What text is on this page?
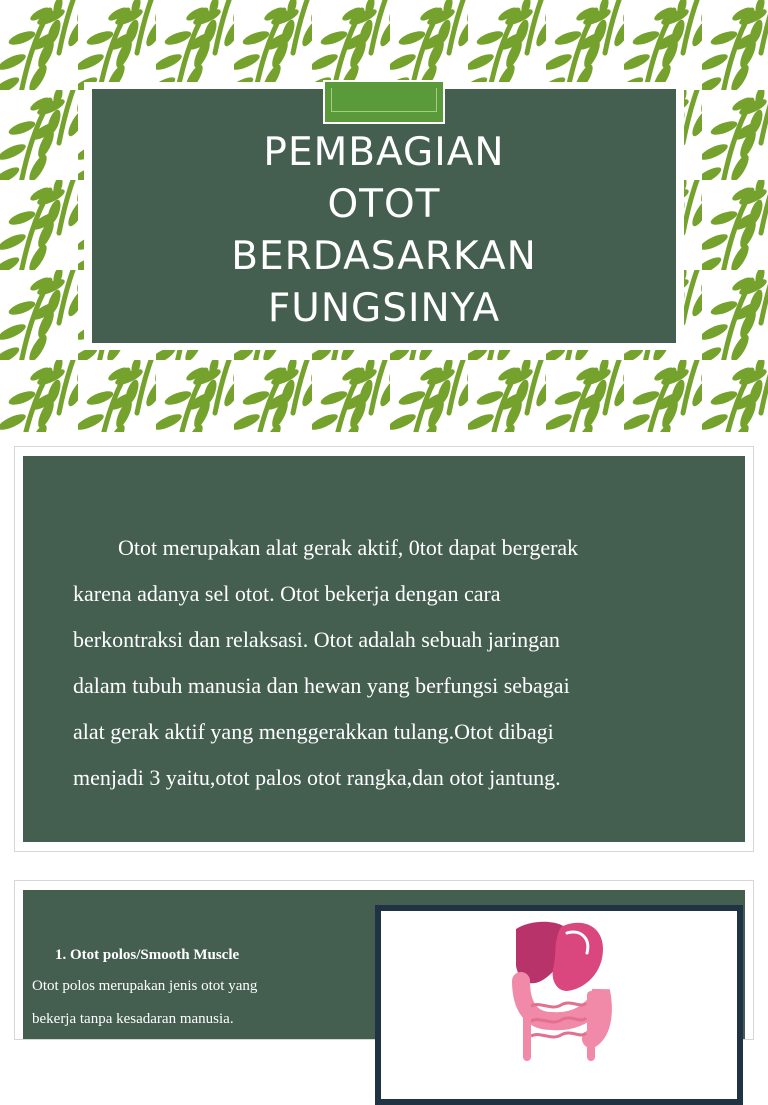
PEMBAGIAN
OTOT
BERDASARKAN
FUNGSINYA

Otot merupakan alat gerak aktif, 0tot dapat bergerak

karena adanya sel otot. Otot bekerja dengan cara

berkontraksi dan relaksasi. Otot adalah sebuah jaringan

dalam tubuh manusia dan hewan yang berfungsi sebagai

alat gerak aktif yang menggerakkan tulang.Otot dibagi

menjadi 3 yaitu,otot palos otot rangka,dan otot jantung.

1. Otot polos/Smooth Muscle
Otot polos merupakan jenis otot yang
bekerja tanpa kesadaran manusia.
